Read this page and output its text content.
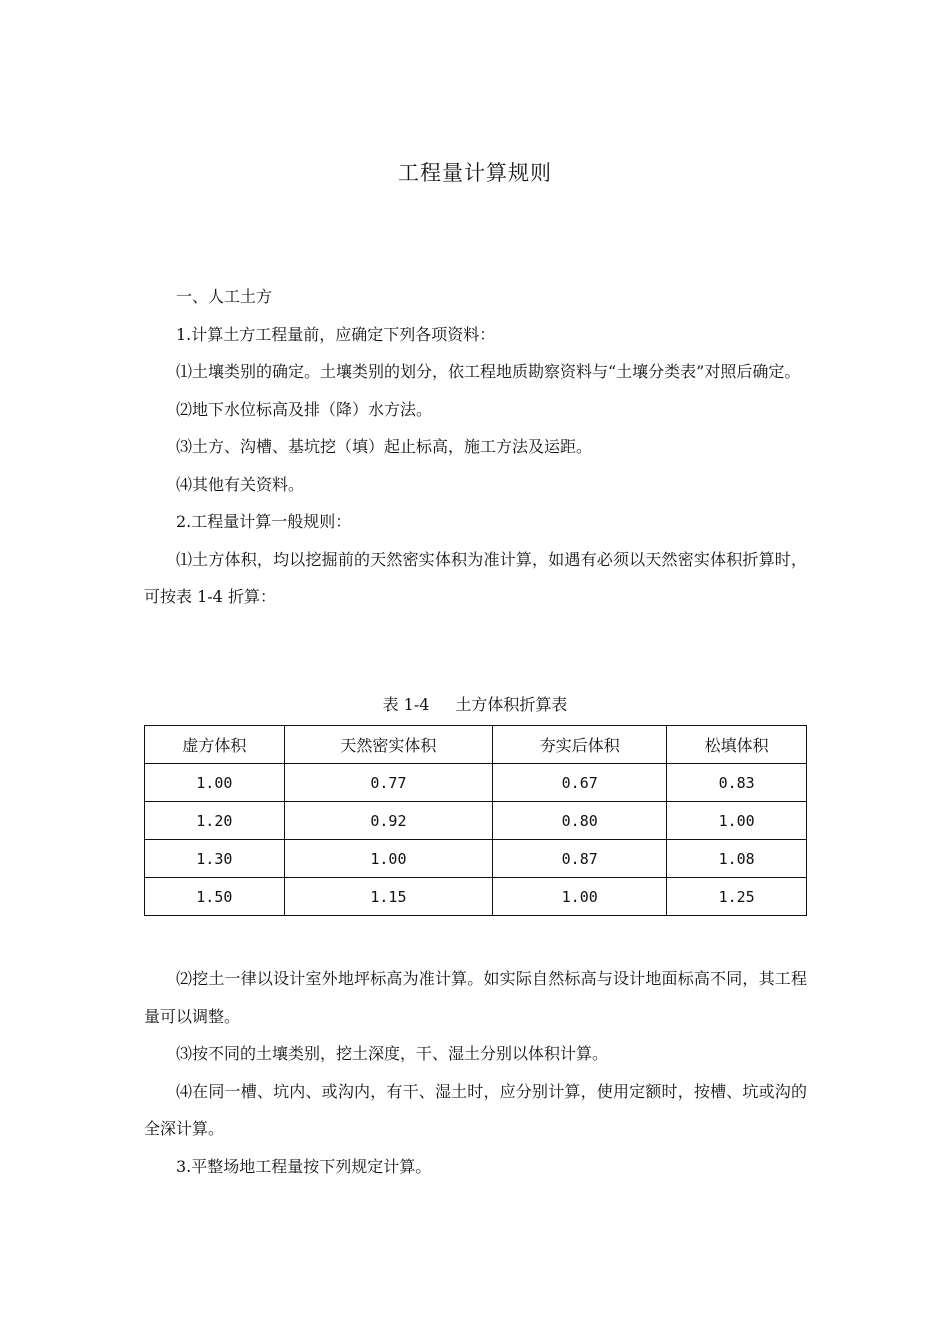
工程量计算规则

一、人工土方

1.计算土方工程量前，应确定下列各项资料：

⑴土壤类别的确定。土壤类别的划分，依工程地质勘察资料与“土壤分类表”对照后确定。

⑵地下水位标高及排（降）水方法。

⑶土方、沟槽、基坑挖（填）起止标高，施工方法及运距。

⑷其他有关资料。

2.工程量计算一般规则：

⑴土方体积，均以挖掘前的天然密实体积为准计算，如遇有必须以天然密实体积折算时，可按表 1-4 折算：

表 1-4 土方体积折算表
虚方体积	天然密实体积	夯实后体积	松填体积
1.00	0.77	0.67	0.83
1.20	0.92	0.80	1.00
1.30	1.00	0.87	1.08
1.50	1.15	1.00	1.25

⑵挖土一律以设计室外地坪标高为准计算。如实际自然标高与设计地面标高不同，其工程量可以调整。

⑶按不同的土壤类别，挖土深度，干、湿土分别以体积计算。

⑷在同一槽、坑内、或沟内，有干、湿土时，应分别计算，使用定额时，按槽、坑或沟的全深计算。

3.平整场地工程量按下列规定计算。
